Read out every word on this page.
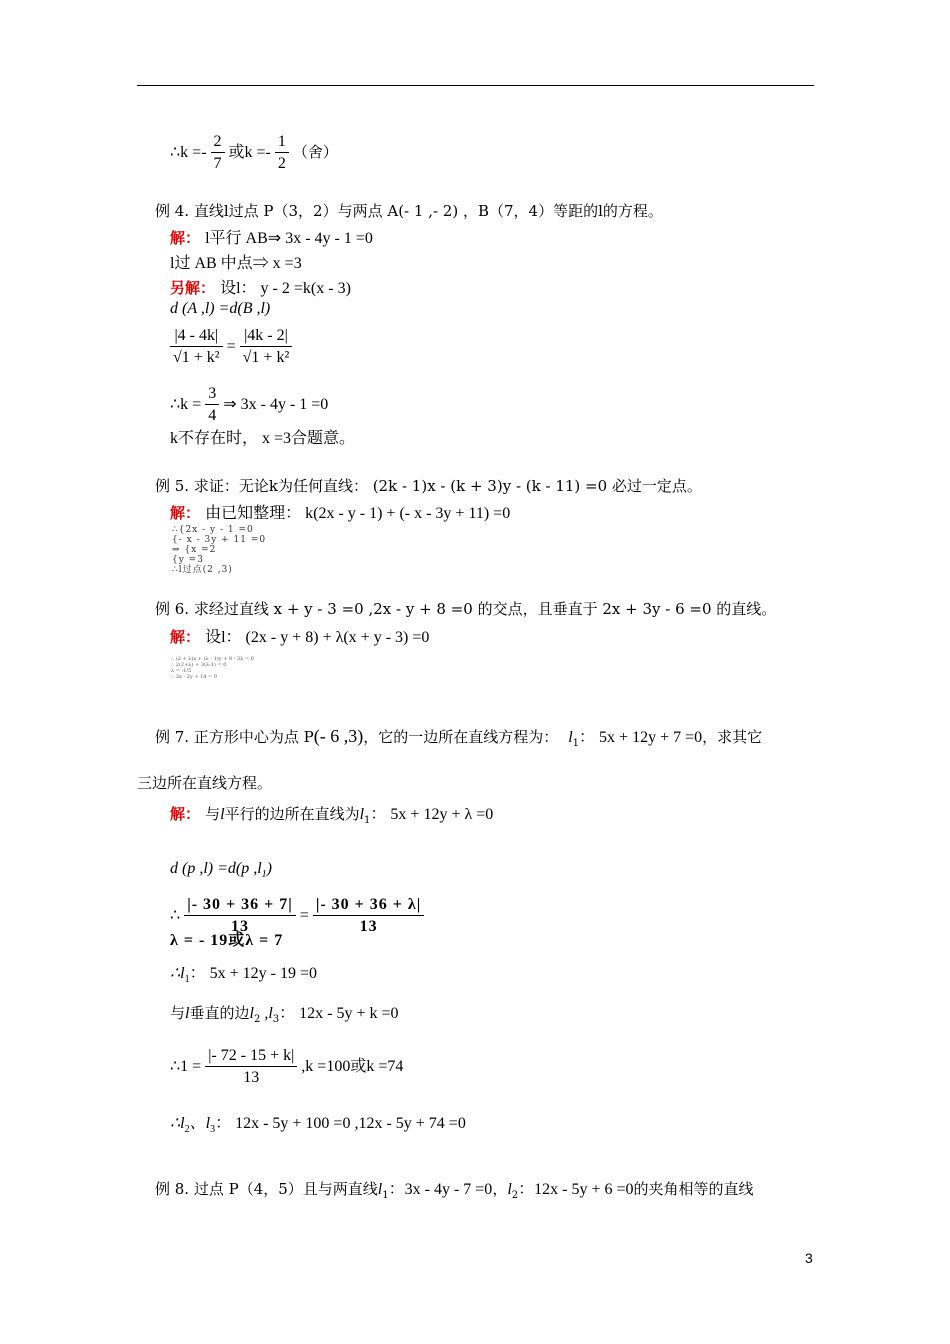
∴k =- $\frac{2}{7}$ 或$k =- \frac{1}{2}$ （舍）
例 4. 直线l过点 P（3，2）与两点 A(- 1 ,- 2) ，B（7，4）等距的l的方程。
解： l平行 AB⇒ 3x - 4y - 1 =0
l过 AB 中点⇒ x =3
另解： 设l： y - 2 =k(x - 3)
d (A ,l) =d(B ,l)
$\frac{|4 - 4k|}{\text{√1 + k²}} = \frac{|4k - 2|}{\text{√1 + k²}}$
∴k = $\frac{3}{4}$ ⇒ 3x - 4y - 1 =0
k不存在时， x =3合题意。
例 5. 求证：无论k为任何直线： (2k - 1)x - (k + 3)y - (k - 11) =0 必过一定点。
解： 由已知整理： k(2x - y - 1) + (- x - 3y + 11) =0
∴{2x - y - 1 =0
{- x - 3y + 11 =0
⇒ {x =2
{y =3
∴l过点(2 ,3)
例 6. 求经过直线 x + y - 3 =0 ,2x - y + 8 =0 的交点，且垂直于 2x + 3y - 6 =0 的直线。
解： 设l： (2x - y + 8) + λ(x + y - 3) =0
∴ (2 + λ)x + (λ - 1)y + 8 - 3λ = 0
∴ 2(2+λ) + 3(λ-1) = 0
λ = -1/5
∴ 3x - 2y + 14 = 0
例 7. 正方形中心为点 P(- 6 ,3)，它的一边所在直线方程为： $l_1$： 5x + 12y + 7 =0，求其它
三边所在直线方程。
解： 与l平行的边所在直线为$l_1$： 5x + 12y + λ =0
d (p ,l) =d(p $,l_1$)
∴ $\frac{|- 30 + 36 + 7|}{13} = \frac{|- 30 + 36 + \lambda|}{13}$
λ = - 19或λ = 7
$\therefore l_1$： 5x + 12y - 19 =0
与l垂直的边$l_2$ $,l_3$： 12x - 5y + k =0
∴1 = $\frac{|- 72 - 15 + k|}{13} ,k =100$或k =74
$\therefore l_2$、$l_3$： 12x - 5y + 100 =0 ,12x - 5y + 74 =0
例 8. 过点 P（4，5）且与两直线$l_1$：3x - 4y - 7 =0，$l_2$：12x - 5y + 6 =0的夹角相等的直线
3
